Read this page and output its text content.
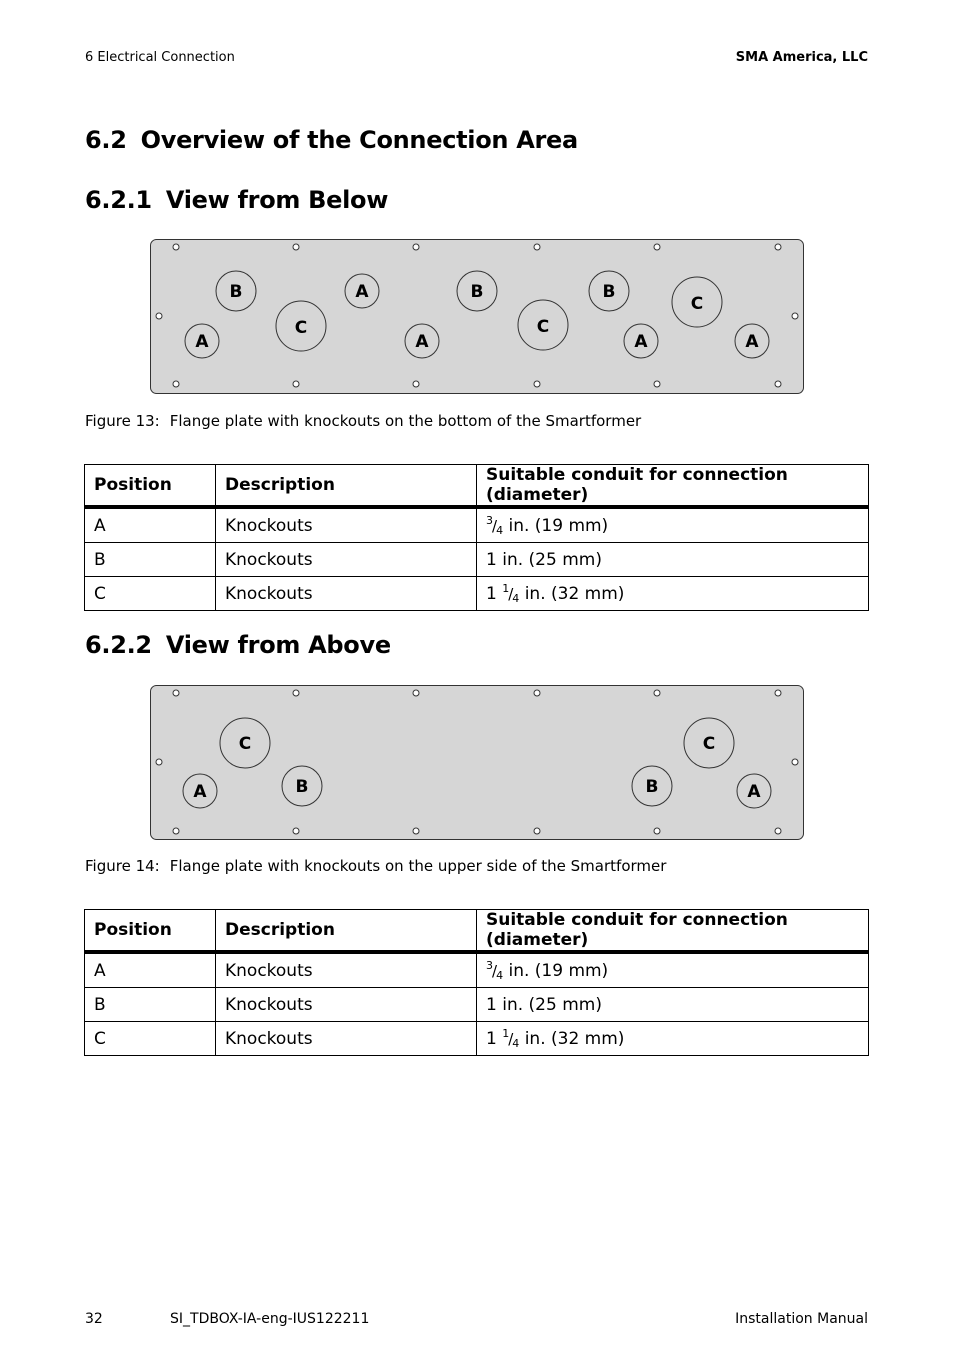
6 Electrical Connection	SMA America, LLC
6.2 Overview of the Connection Area
6.2.1 View from Below
B	A	B	B
C
A
C
A
C
A	A
Figure 13: Flange plate with knockouts on the bottom of the Smartformer
Position	Description	Suitable conduit for connection (diameter)
A	Knockouts	$^3/_4$ in. (19 mm)
B	Knockouts	1 in. (25 mm)
C	Knockouts	1 $^1/_4$ in. (32 mm)
6.2.2 View from Above
C	C
A	B	B	A
Figure 14: Flange plate with knockouts on the upper side of the Smartformer
Position	Description	Suitable conduit for connection (diameter)
A	Knockouts	$^3/_4$ in. (19 mm)
B	Knockouts	1 in. (25 mm)
C	Knockouts	1 $^1/_4$ in. (32 mm)
32	SI_TDBOX-IA-eng-IUS122211	Installation Manual
